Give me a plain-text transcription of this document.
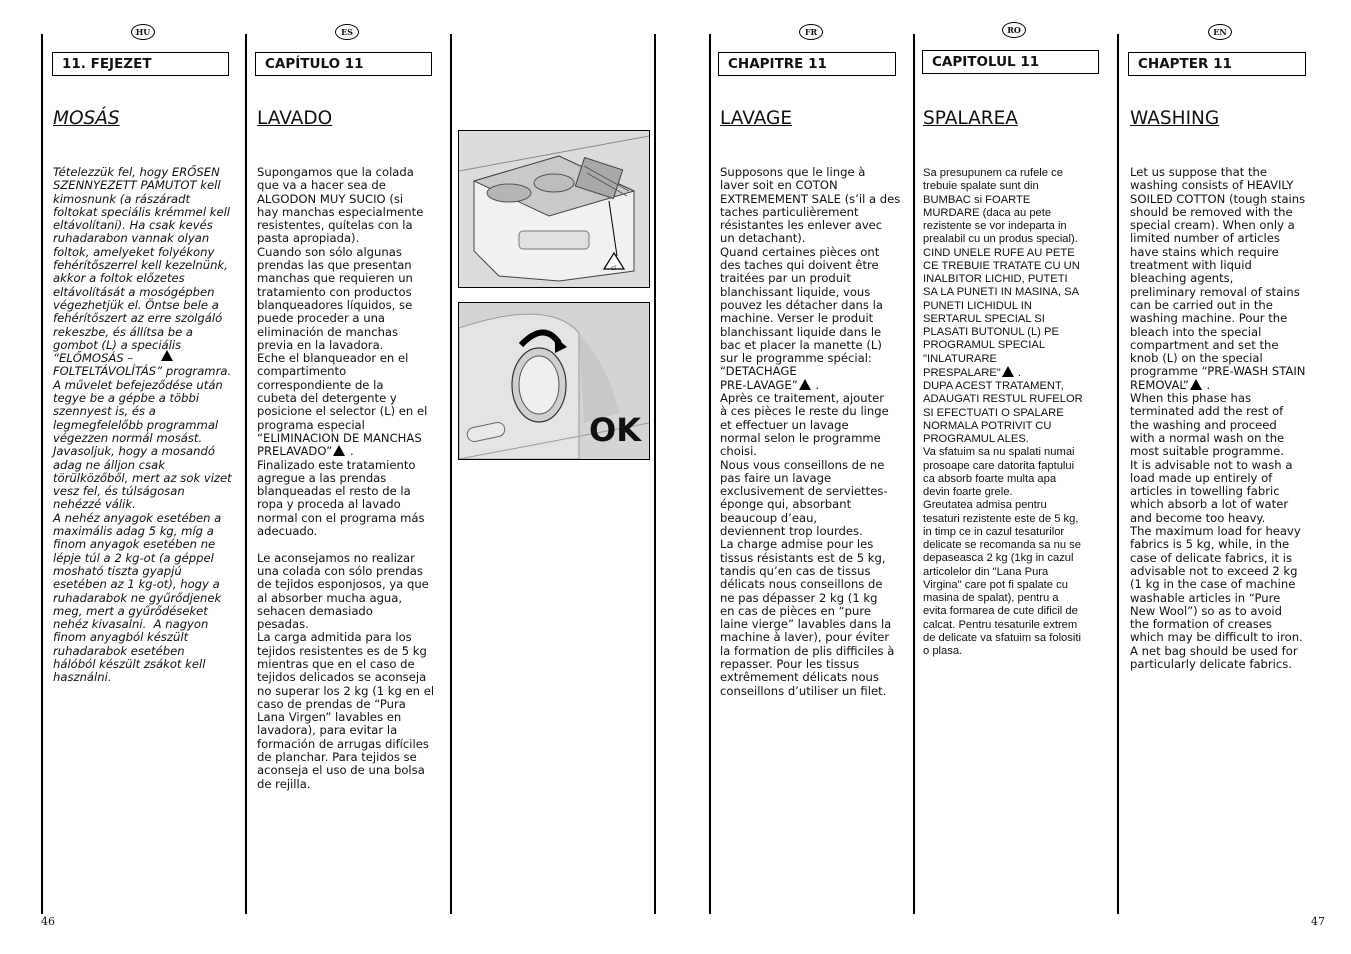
HU
11. FEJEZET
MOSÁS
Tételezzük fel, hogy ERŐSEN
SZENNYEZETT PAMUTOT kell
kimosnunk (a rászáradt
foltokat speciális krémmel kell
eltávolítani). Ha csak kevés
ruhadarabon vannak olyan
foltok, amelyeket folyékony
fehérítőszerrel kell kezelnünk,
akkor a foltok előzetes
eltávolítását a mosógépben
végezhetjük el. Öntse bele a
fehérítőszert az erre szolgáló
rekeszbe, és állítsa be a
gombot (L) a speciális
“ELŐMOSÁS –
FOLTELTÁVOLÍTÁS” programra.
A művelet befejeződése után
tegye be a gépbe a többi
szennyest is, és a
legmegfelelőbb programmal
végezzen normál mosást.
Javasoljuk, hogy a mosandó
adag ne álljon csak
törülközőből, mert az sok vizet
vesz fel, és túlságosan
nehézzé válik.
A nehéz anyagok esetében a
maximális adag 5 kg, míg a
finom anyagok esetében ne
lépje túl a 2 kg-ot (a géppel
mosható tiszta gyapjú
esetében az 1 kg-ot), hogy a
ruhadarabok ne gyűrődjenek
meg, mert a gyűrődéseket
nehéz kivasalni.  A nagyon
finom anyagból készült
ruhadarabok esetében
hálóból készült zsákot kell
használni.
ES
CAPÍTULO 11
LAVADO
Supongamos que la colada
que va a hacer sea de
ALGODON MUY SUCIO (si
hay manchas especialmente
resistentes, quítelas con la
pasta apropiada).
Cuando son sólo algunas
prendas las que presentan
manchas que requieren un
tratamiento con productos
blanqueadores líquidos, se
puede proceder a una
eliminación de manchas
previa en la lavadora.
Eche el blanqueador en el
compartimento
correspondiente de la
cubeta del detergente y
posicione el selector (L) en el
programa especial
“ELIMINACION DE MANCHAS
PRELAVADO” .
Finalizado este tratamiento
agregue a las prendas
blanqueadas el resto de la
ropa y proceda al lavado
normal con el programa más
adecuado.

Le aconsejamos no realizar
una colada con sólo prendas
de tejidos esponjosos, ya que
al absorber mucha agua,
sehacen demasiado
pesadas.
La carga admitida para los
tejidos resistentes es de 5 kg
mientras que en el caso de
tejidos delicados se aconseja
no superar los 2 kg (1 kg en el
caso de prendas de “Pura
Lana Virgen” lavables en
lavadora), para evitar la
formación de arrugas difíciles
de planchar. Para tejidos se
aconseja el uso de una bolsa
de rejilla.
cl
OK
FR
CHAPITRE 11
LAVAGE
Supposons que le linge à
laver soit en COTON
EXTREMEMENT SALE (s’il a des
taches particulièrement
résistantes les enlever avec
un detachant).
Quand certaines pièces ont
des taches qui doivent être
traitées par un produit
blanchissant liquide, vous
pouvez les détacher dans la
machine. Verser le produit
blanchissant liquide dans le
bac et placer la manette (L)
sur le programme spécial:
“DETACHAGE
PRE-LAVAGE” .
Après ce traitement, ajouter
à ces pièces le reste du linge
et effectuer un lavage
normal selon le programme
choisi.
Nous vous conseillons de ne
pas faire un lavage
exclusivement de serviettes-
éponge qui, absorbant
beaucoup d’eau,
deviennent trop lourdes.
La charge admise pour les
tissus résistants est de 5 kg,
tandis qu’en cas de tissus
délicats nous conseillons de
ne pas dépasser 2 kg (1 kg
en cas de pièces en “pure
laine vierge” lavables dans la
machine à laver), pour éviter
la formation de plis difficiles à
repasser. Pour les tissus
extrêmement délicats nous
conseillons d’utiliser un filet.
RO
CAPITOLUL 11
SPALAREA
Sa presupunem ca rufele ce
trebuie spalate sunt din
BUMBAC si FOARTE
MURDARE (daca au pete
rezistente se vor indeparta in
prealabil cu un produs special).
CIND UNELE RUFE AU PETE
CE TREBUIE TRATATE CU UN
INALBITOR LICHID, PUTETI
SA LA PUNETI IN MASINA, SA
PUNETI LICHIDUL IN
SERTARUL SPECIAL SI
PLASATI BUTONUL (L) PE
PROGRAMUL SPECIAL
"INLATURARE
PRESPALARE" .
DUPA ACEST TRATAMENT,
ADAUGATI RESTUL RUFELOR
SI EFECTUATI O SPALARE
NORMALA POTRIVIT CU
PROGRAMUL ALES.
Va sfatuim sa nu spalati numai
prosoape care datorita faptului
ca absorb foarte multa apa
devin foarte grele.
Greutatea admisa pentru
tesaturi rezistente este de 5 kg,
in timp ce in cazul tesaturilor
delicate se recomanda sa nu se
depaseasca 2 kg (1kg in cazul
articolelor din "Lana Pura
Virgina" care pot fi spalate cu
masina de spalat), pentru a
evita formarea de cute dificil de
calcat. Pentru tesaturile extrem
de delicate va sfatuim sa folositi
o plasa.
EN
CHAPTER 11
WASHING
Let us suppose that the
washing consists of HEAVILY
SOILED COTTON (tough stains
should be removed with the
special cream). When only a
limited number of articles
have stains which require
treatment with liquid
bleaching agents,
preliminary removal of stains
can be carried out in the
washing machine. Pour the
bleach into the special
compartment and set the
knob (L) on the special
programme “PRE-WASH STAIN
REMOVAL” .
When this phase has
terminated add the rest of
the washing and proceed
with a normal wash on the
most suitable programme.
It is advisable not to wash a
load made up entirely of
articles in towelling fabric
which absorb a lot of water
and become too heavy.
The maximum load for heavy
fabrics is 5 kg, while, in the
case of delicate fabrics, it is
advisable not to exceed 2 kg
(1 kg in the case of machine
washable articles in “Pure
New Wool”) so as to avoid
the formation of creases
which may be difficult to iron.
A net bag should be used for
particularly delicate fabrics.
46	47
